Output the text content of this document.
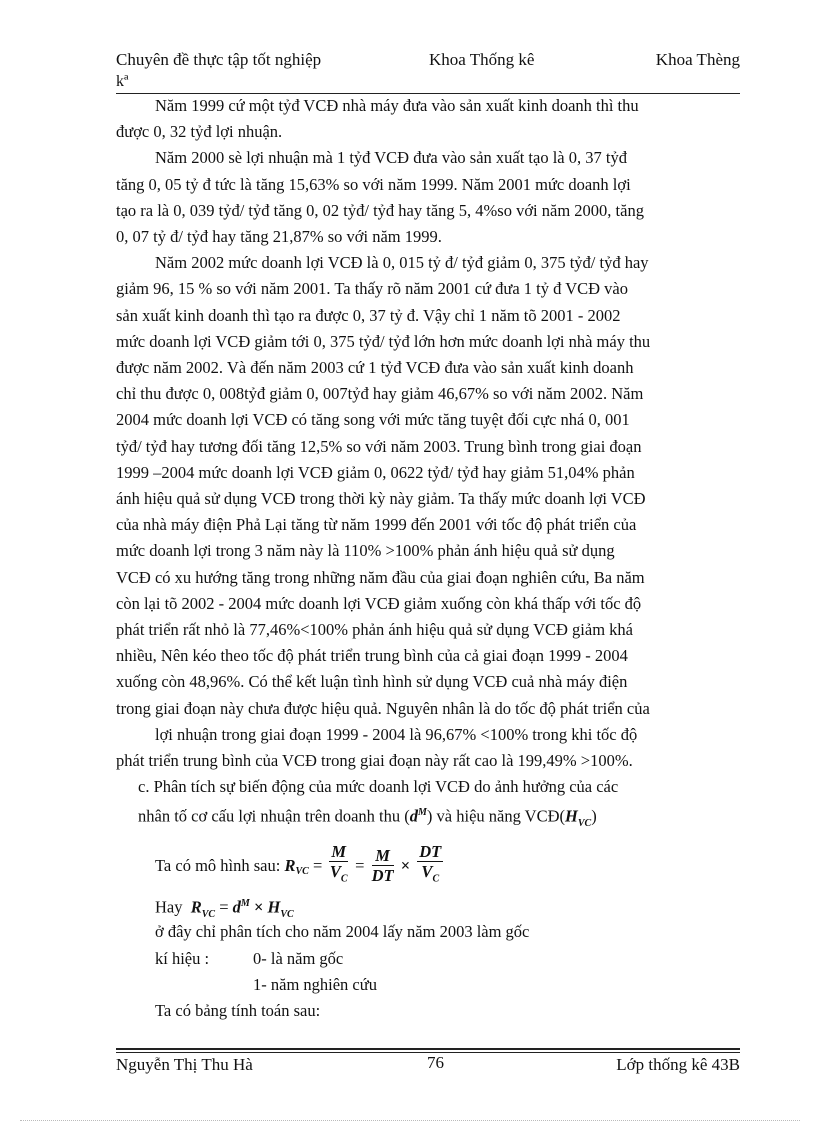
Chuyên đề thực tập tốt nghiệp	Khoa Thống kê	Khoa Thèng
kª
Năm 1999 cứ một tỷđ VCĐ nhà máy đưa vào sản xuất kinh doanh thì thu
được 0, 32 tỷđ lợi nhuận.
Năm 2000 sè lợi nhuận mà 1 tỷđ VCĐ đưa vào sản xuất tạo là 0, 37 tỷđ
tăng 0, 05 tỷ đ tức là tăng 15,63% so với năm 1999. Năm 2001 mức doanh lợi
tạo ra là 0, 039 tỷđ/ tỷđ tăng 0, 02 tỷđ/ tỷđ hay tăng 5, 4%so với năm 2000, tăng
0, 07 tỷ đ/ tỷđ hay tăng 21,87% so với năm 1999.
Năm 2002 mức doanh lợi VCĐ là 0, 015 tỷ đ/ tỷđ giảm 0, 375 tỷđ/ tỷđ hay
giảm 96, 15 % so với năm 2001. Ta thấy rõ năm 2001 cứ đưa 1 tỷ đ VCĐ vào
sản xuất kinh doanh thì tạo ra được 0, 37 tỷ đ. Vậy chỉ 1 năm tõ 2001 - 2002
mức doanh lợi VCĐ giảm tới 0, 375 tỷđ/ tỷđ lớn hơn mức doanh lợi nhà máy thu
được năm 2002. Và đến năm 2003 cứ 1 tỷđ VCĐ đưa vào sản xuất kinh doanh
chỉ thu được 0, 008tỷđ giảm 0, 007tỷđ hay giảm 46,67% so với năm 2002. Năm
2004 mức doanh lợi VCĐ có tăng song với mức tăng tuyệt đối cực nhá 0, 001
tỷđ/ tỷđ hay tương đối tăng 12,5% so với năm 2003. Trung bình trong giai đoạn
1999 –2004 mức doanh lợi VCĐ giảm 0, 0622 tỷđ/ tỷđ hay giảm 51,04% phản
ánh hiệu quả sử dụng VCĐ trong thời kỳ này giảm. Ta thấy mức doanh lợi VCĐ
của nhà máy điện Phả Lại tăng từ năm 1999 đến 2001 với tốc độ phát triển của
mức doanh lợi trong 3 năm này là 110% >100% phản ánh hiệu quả sử dụng
VCĐ có xu hướng tăng trong những năm đầu của giai đoạn nghiên cứu, Ba năm
còn lại tõ 2002 - 2004 mức doanh lợi VCĐ giảm xuống còn khá thấp với tốc độ
phát triển rất nhỏ là 77,46%<100% phản ánh hiệu quả sử dụng VCĐ giảm khá
nhiều, Nên kéo theo tốc độ phát triển trung bình của cả giai đoạn 1999 - 2004
xuống còn 48,96%. Có thể kết luận tình hình sử dụng VCĐ cuả nhà máy điện
trong giai đoạn này chưa được hiệu quả. Nguyên nhân là do tốc độ phát triển của
lợi nhuận trong giai đoạn 1999 - 2004 là 96,67% <100% trong khi tốc độ
phát triển trung bình của VCĐ trong giai đoạn này rất cao là 199,49% >100%.
c. Phân tích sự biến động của mức doanh lợi VCĐ do ảnh hưởng của các
nhân tố cơ cấu lợi nhuận trên doanh thu $(d^M)$ và hiệu năng $VCĐ(H_{VC})$
Ta có mô hình sau: $R_{VC} = \frac{M}{\overline{V}_C} = \frac{M}{DT} \times \frac{DT}{\overline{V}_C}$
Hay $R_{VC} = d^M \times H_{VC}$
ở đây chỉ phân tích cho năm 2004 lấy năm 2003 làm gốc
kí hiệu :	0- là năm gốc
1- năm nghiên cứu
Ta có bảng tính toán sau:
Nguyễn Thị Thu Hà	76	Lớp thống kê 43B
